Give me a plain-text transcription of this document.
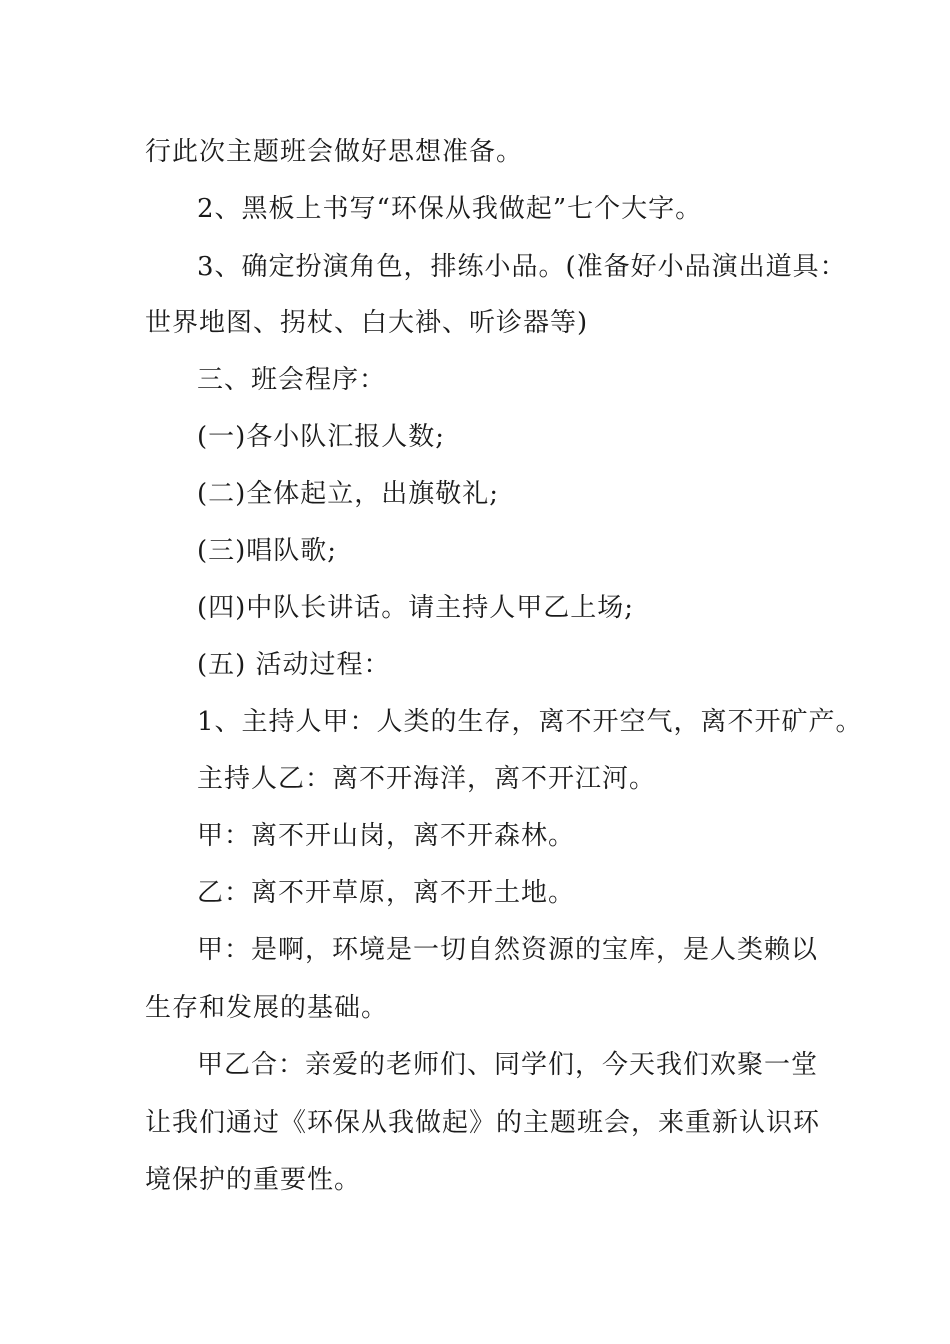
行此次主题班会做好思想准备。
2、黑板上书写“环保从我做起”七个大字。
3、确定扮演角色，排练小品。(准备好小品演出道具：
世界地图、拐杖、白大褂、听诊器等)
三、班会程序：
(一)各小队汇报人数;
(二)全体起立，出旗敬礼;
(三)唱队歌;
(四)中队长讲话。请主持人甲乙上场;
(五) 活动过程：
1、主持人甲：人类的生存，离不开空气，离不开矿产。
主持人乙：离不开海洋，离不开江河。
甲：离不开山岗，离不开森林。
乙：离不开草原，离不开土地。
甲：是啊，环境是一切自然资源的宝库，是人类赖以
生存和发展的基础。
甲乙合：亲爱的老师们、同学们，今天我们欢聚一堂
让我们通过《环保从我做起》的主题班会，来重新认识环
境保护的重要性。
